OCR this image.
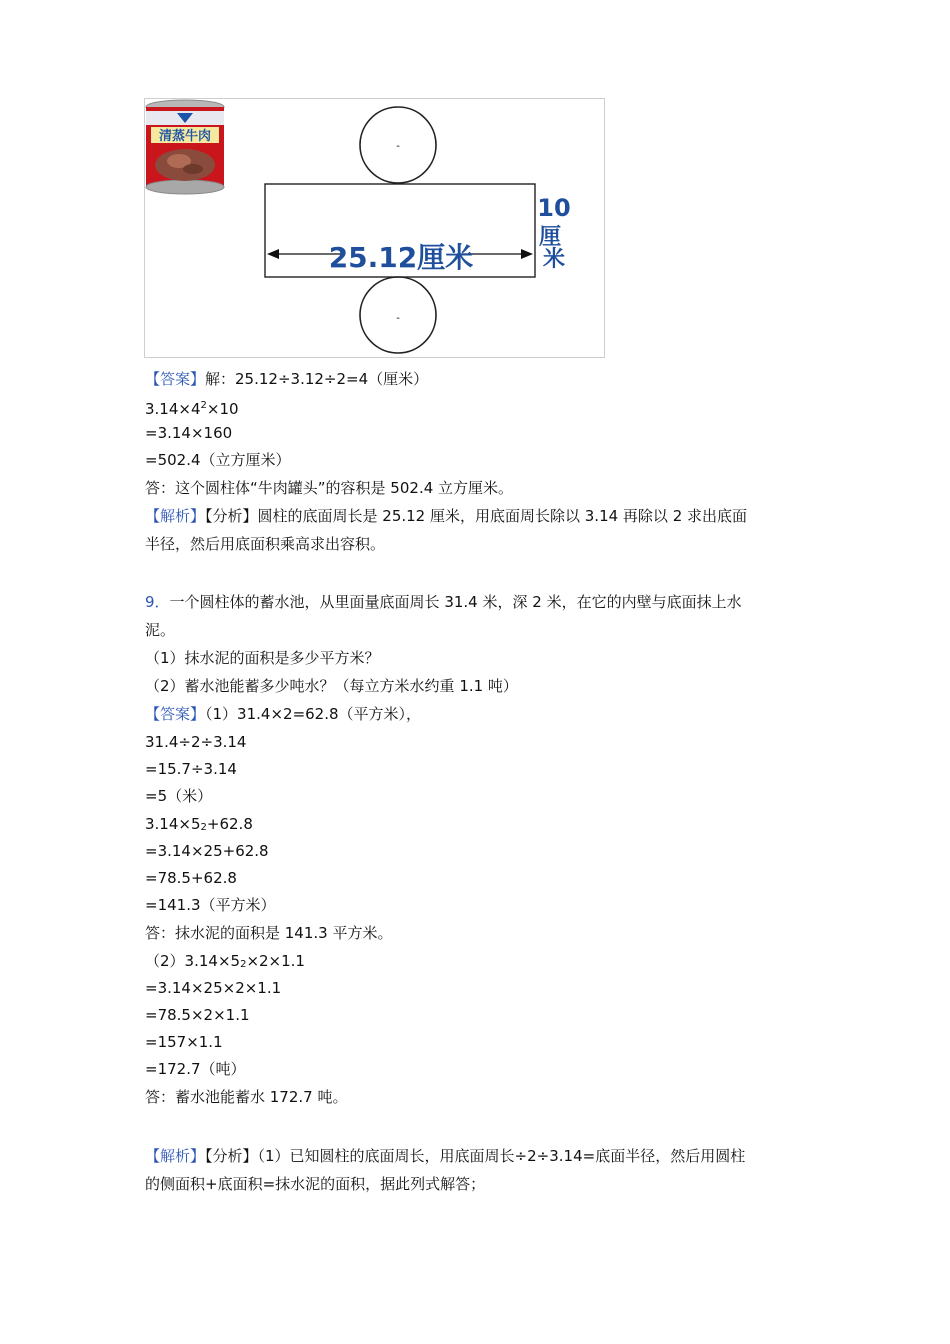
-
-
25.12厘米
10
厘 米
清蒸牛肉
【答案】解：25.12÷3.12÷2=4（厘米）
$3.14\times 4^2\times 10$
=3.14×160
=502.4（立方厘米）
答：这个圆柱体“牛肉罐头”的容积是 502.4 立方厘米。
【解析】【分析】圆柱的底面周长是 25.12 厘米，用底面周长除以 3.14 再除以 2 求出底面
半径，然后用底面积乘高求出容积。
9．一个圆柱体的蓄水池，从里面量底面周长 31.4 米，深 2 米，在它的内壁与底面抹上水
泥。
（1）抹水泥的面积是多少平方米？
（2）蓄水池能蓄多少吨水？（每立方米水约重 1.1 吨）
【答案】（1）31.4×2=62.8（平方米），
31.4÷2÷3.14
=15.7÷3.14
=5（米）
3.14×52+62.8
=3.14×25+62.8
=78.5+62.8
=141.3（平方米）
答：抹水泥的面积是 141.3 平方米。
（2）3.14×52×2×1.1
=3.14×25×2×1.1
=78.5×2×1.1
=157×1.1
=172.7（吨）
答：蓄水池能蓄水 172.7 吨。
【解析】【分析】（1）已知圆柱的底面周长，用底面周长÷2÷3.14=底面半径，然后用圆柱
的侧面积+底面积=抹水泥的面积，据此列式解答；
